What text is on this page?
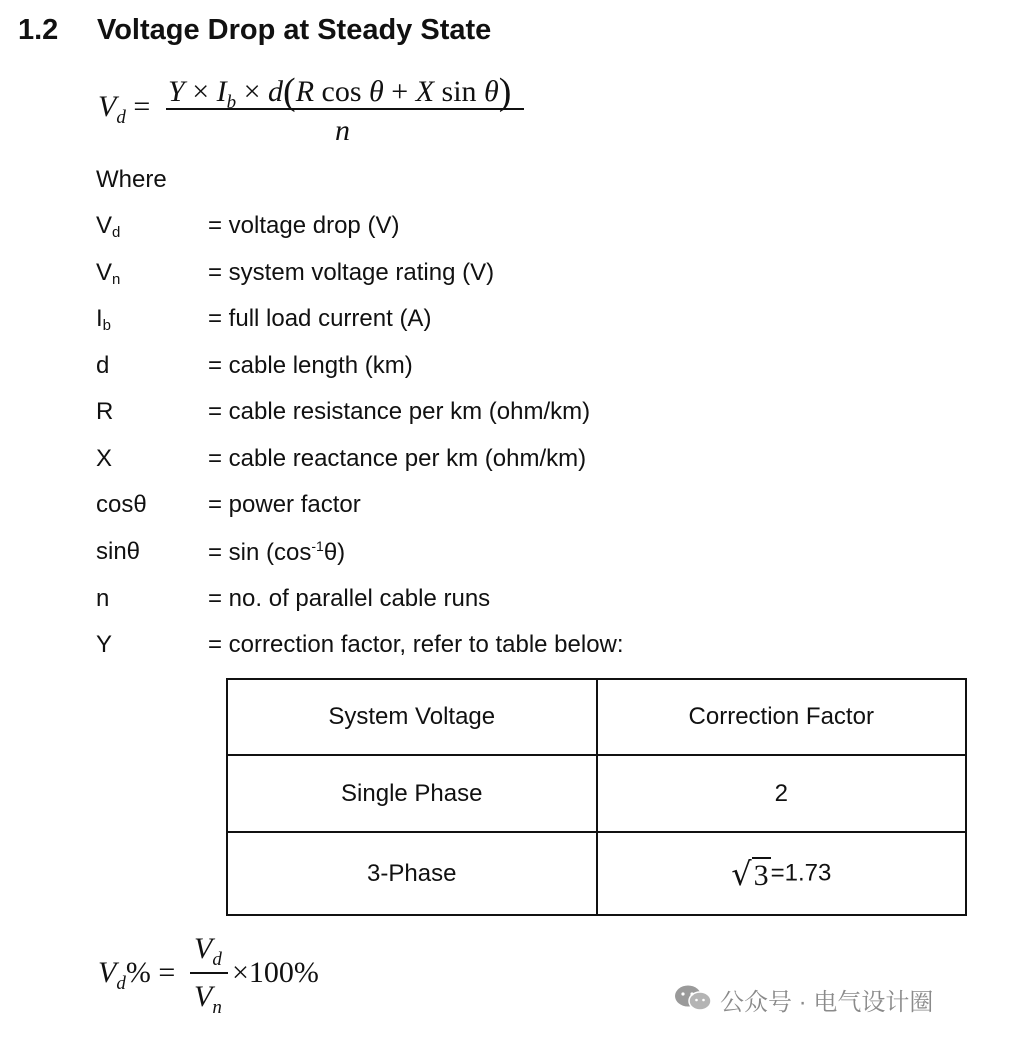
1.2 Voltage Drop at Steady State
$V_d = Y \times I_b \times d(R$ cos θ + X sin θ)
n
Where
Vd	= voltage drop (V)
Vn	= system voltage rating (V)
Ib	= full load current (A)
d	= cable length (km)
R	= cable resistance per km (ohm/km)
X	= cable reactance per km (ohm/km)
cosθ	= power factor
sinθ	= $\sin (\cos^{-1}\theta)$
n	= no. of parallel cable runs
Y	= correction factor, refer to table below:
System Voltage	Correction Factor
Single Phase	2
3-Phase	√3=1.73
$V_d\%$ =
$V_d$
$V_n$
×100%
公众号 · 电气设计圈
